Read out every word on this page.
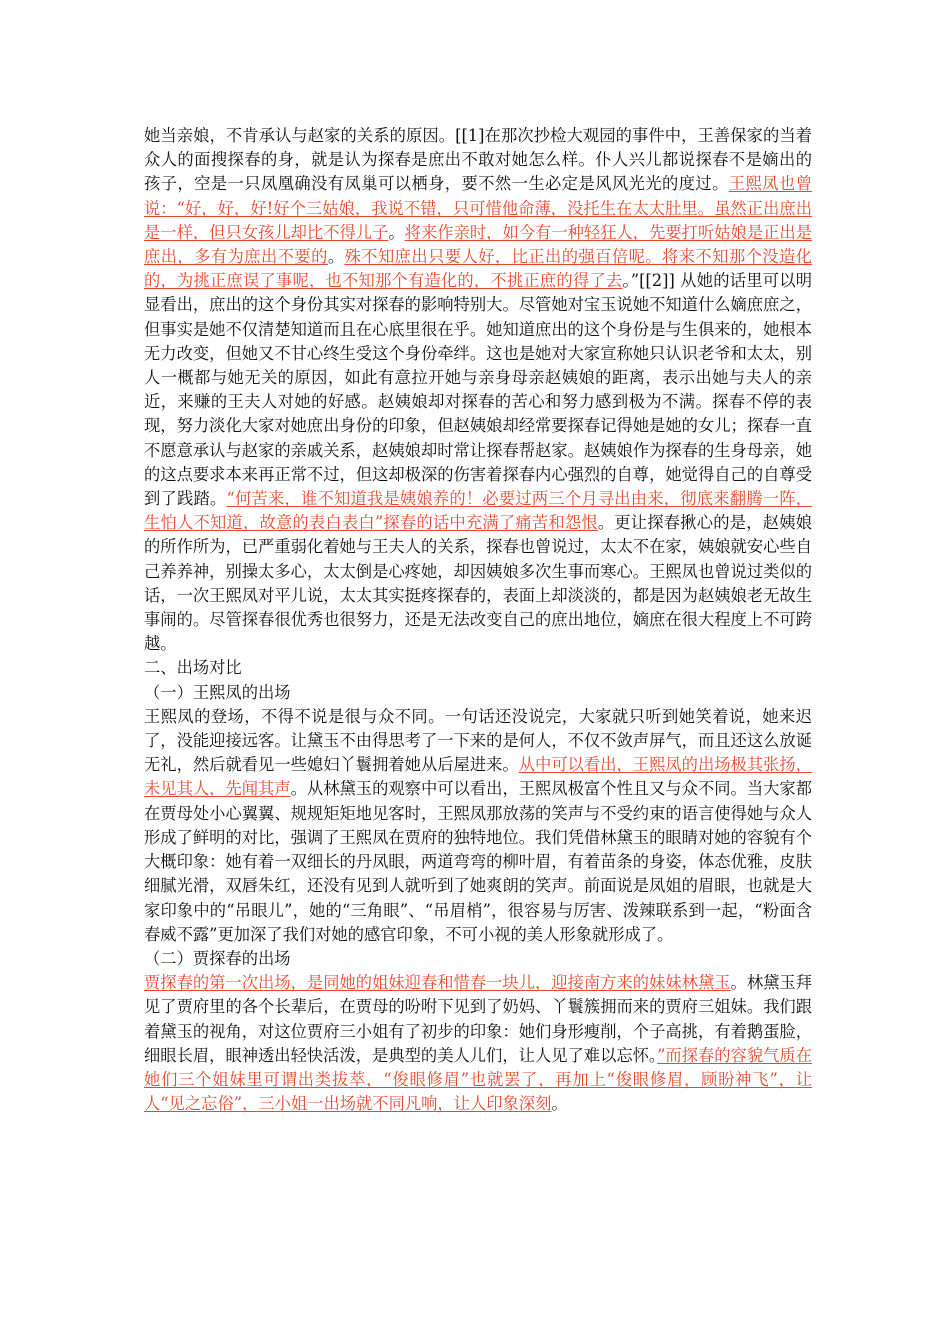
她当亲娘，不肯承认与赵家的关系的原因。[[1]在那次抄检大观园的事件中，王善保家的当着众人的面搜探春的身，就是认为探春是庶出不敢对她怎么样。仆人兴儿都说探春不是嫡出的 孩子，空是一只凤凰确没有凤巢可以栖身，要不然一生必定是风风光光的度过。王熙凤也曾说：“好，好，好!好个三姑娘，我说不错，只可惜他命薄，没托生在太太肚里。虽然正出庶出是一样，但只女孩儿却比不得儿子。将来作亲时，如今有一种轻狂人，先要打听姑娘是正出是庶出，多有为庶出不要的。殊不知庶出只要人好，比正出的强百倍呢。将来不知那个没造化的，为挑正庶误了事呢，也不知那个有造化的，不挑正庶的得了去。”[[2]] 从她的话里可以明显看出，庶出的这个身份其实对探春的影响特别大。尽管她对宝玉说她不知道什么嫡庶庶之，但事实是她不仅清楚知道而且在心底里很在乎。她知道庶出的这个身份是与生俱来的，她根本无力改变，但她又不甘心终生受这个身份牵绊。这也是她对大家宣称她只认识老爷和太太，别人一概都与她无关的原因，如此有意拉开她与亲身母亲赵姨娘的距离，表示出她与夫人的亲近，来赚的王夫人对她的好感。赵姨娘却对探春的苦心和努力感到极为不满。探春不停的表现，努力淡化大家对她庶出身份的印象，但赵姨娘却经常要探春记得她是她的女儿；探春一直不愿意承认与赵家的亲戚关系，赵姨娘却时常让探春帮赵家。赵姨娘作为探春的生身母亲，她的这点要求本来再正常不过，但这却极深的伤害着探春内心强烈的自尊，她觉得自己的自尊受到了践踏。“何苦来，谁不知道我是姨娘养的！必要过两三个月寻出由来，彻底来翻腾一阵，生怕人不知道，故意的表白表白”探春的话中充满了痛苦和怨恨。更让探春揪心的是，赵姨娘的所作所为，已严重弱化着她与王夫人的关系，探春也曾说过，太太不在家，姨娘就安心些自己养养神，别操太多心，太太倒是心疼她，却因姨娘多次生事而寒心。王熙凤也曾说过类似的话，一次王熙凤对平儿说，太太其实挺疼探春的，表面上却淡淡的，都是因为赵姨娘老无故生事闹的。尽管探春很优秀也很努力，还是无法改变自己的庶出地位，嫡庶在很大程度上不可跨越。

二、出场对比

（一）王熙凤的出场

王熙凤的登场，不得不说是很与众不同。一句话还没说完，大家就只听到她笑着说，她来迟了，没能迎接远客。让黛玉不由得思考了一下来的是何人，不仅不敛声屏气，而且还这么放诞无礼，然后就看见一些媳妇丫鬟拥着她从后屋进来。从中可以看出，王熙凤的出场极其张扬，未见其人，先闻其声。从林黛玉的观察中可以看出，王熙凤极富个性且又与众不同。当大家都在贾母处小心翼翼、规规矩矩地见客时，王熙凤那放荡的笑声与不受约束的语言使得她与众人形成了鲜明的对比，强调了王熙凤在贾府的独特地位。我们凭借林黛玉的眼睛对她的容貌有个大概印象：她有着一双细长的丹凤眼，两道弯弯的柳叶眉，有着苗条的身姿，体态优雅，皮肤细腻光滑，双唇朱红，还没有见到人就听到了她爽朗的笑声。前面说是凤姐的眉眼，也就是大家印象中的“吊眼儿”，她的“三角眼”、“吊眉梢”，很容易与厉害、泼辣联系到一起，“粉面含春威不露”更加深了我们对她的感官印象，不可小视的美人形象就形成了。

（二）贾探春的出场

贾探春的第一次出场，是同她的姐妹迎春和惜春一块儿，迎接南方来的妹妹林黛玉。林黛玉拜见了贾府里的各个长辈后，在贾母的吩咐下见到了奶妈、丫鬟簇拥而来的贾府三姐妹。我们跟着黛玉的视角，对这位贾府三小姐有了初步的印象：她们身形瘦削，个子高挑，有着鹅蛋脸，细眼长眉，眼神透出轻快活泼，是典型的美人儿们，让人见了难以忘怀。”而探春的容貌气质在她们三个姐妹里可谓出类拔萃，“俊眼修眉”也就罢了，再加上“俊眼修眉，顾盼神飞”，让人“见之忘俗”，三小姐一出场就不同凡响，让人印象深刻。
